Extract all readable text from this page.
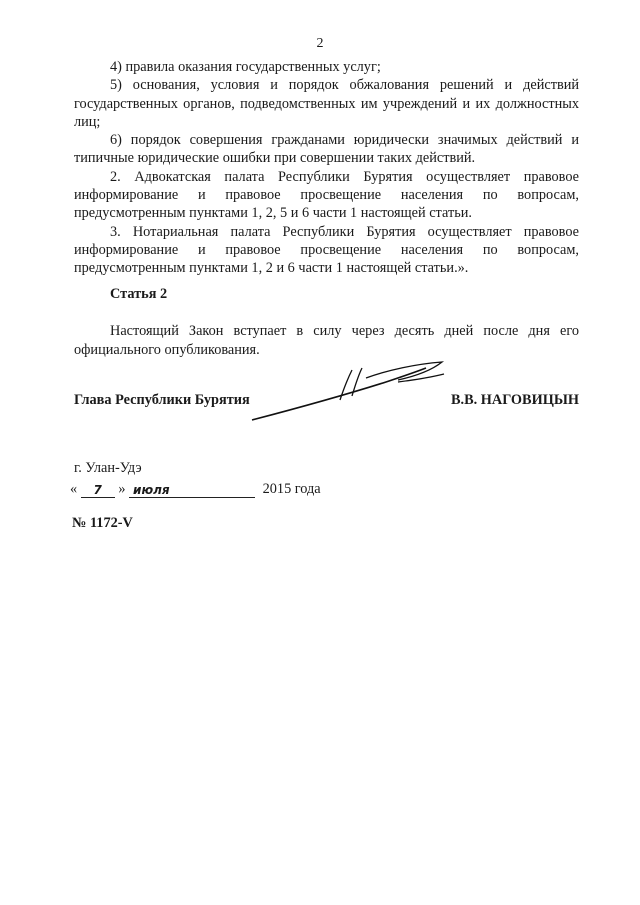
2

4) правила оказания государственных услуг;

5) основания, условия и порядок обжалования решений и действий государственных органов, подведомственных им учреждений и их должностных лиц;

6) порядок совершения гражданами юридически значимых действий и типичные юридические ошибки при совершении таких действий.

2. Адвокатская палата Республики Бурятия осуществляет правовое информирование и правовое просвещение населения по вопросам, предусмотренным пунктами 1, 2, 5 и 6 части 1 настоящей статьи.

3. Нотариальная палата Республики Бурятия осуществляет правовое информирование и правовое просвещение населения по вопросам, предусмотренным пунктами 1, 2 и 6 части 1 настоящей статьи.».

Статья 2
Настоящий Закон вступает в силу через десять дней после дня его официального опубликования.
Глава Республики Бурятия	В.В. НАГОВИЦЫН
г. Улан-Удэ
« 7 » июля	2015 года
№ 1172-V
